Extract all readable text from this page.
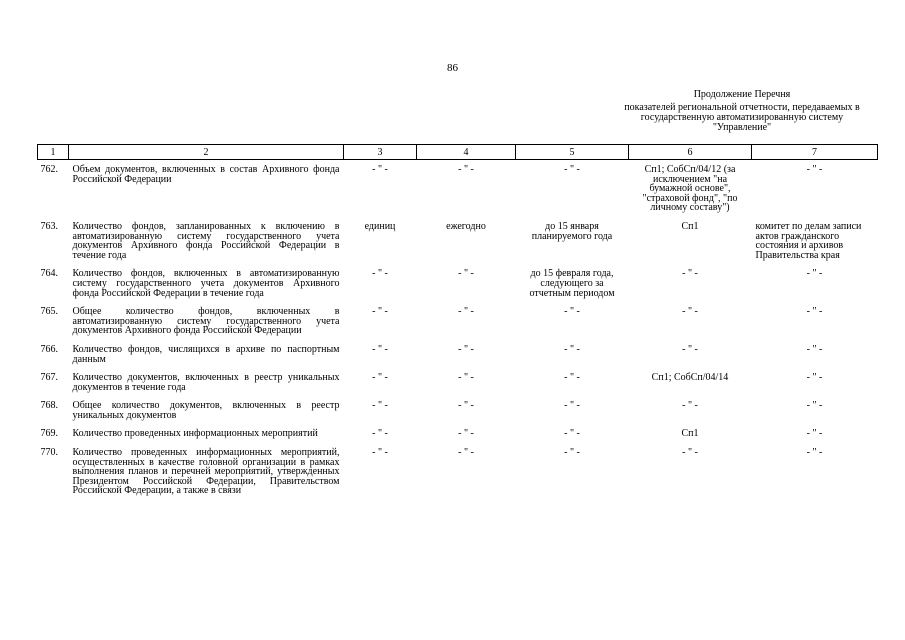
86
Продолжение Перечня
показателей региональной отчетности, передаваемых в государственную автоматизированную систему "Управление"
1	2	3	4	5	6	7
762.	Объем документов, включенных в состав Архивного фонда Российской Федерации	- " -	- " -	- " -	Сп1; СобСп/04/12 (за исключением "на бумажной основе", "страховой фонд", "по личному составу")	- " -
763.	Количество фондов, запланированных к включению в автоматизированную систему государственного учета документов Архивного фонда Российской Федерации в течение года	единиц	ежегодно	до 15 января планируемого года	Сп1	комитет по делам записи актов гражданского состояния и архивов Правительства края
764.	Количество фондов, включенных в автоматизированную систему государственного учета документов Архивного фонда Российской Федерации в течение года	- " -	- " -	до 15 февраля года, следующего за отчетным периодом	- " -	- " -
765.	Общее количество фондов, включенных в автоматизированную систему государственного учета документов Архивного фонда Российской Федерации	- " -	- " -	- " -	- " -	- " -
766.	Количество фондов, числящихся в архиве по паспортным данным	- " -	- " -	- " -	- " -	- " -
767.	Количество документов, включенных в реестр уникальных документов в течение года	- " -	- " -	- " -	Сп1; СобСп/04/14	- " -
768.	Общее количество документов, включенных в реестр уникальных документов	- " -	- " -	- " -	- " -	- " -
769.	Количество проведенных информационных мероприятий	- " -	- " -	- " -	Сп1	- " -
770.	Количество проведенных информационных мероприятий, осуществленных в качестве головной организации в рамках выполнения планов и перечней мероприятий, утвержденных Президентом Российской Федерации, Правительством Российской Федерации, а также в связи	- " -	- " -	- " -	- " -	- " -
